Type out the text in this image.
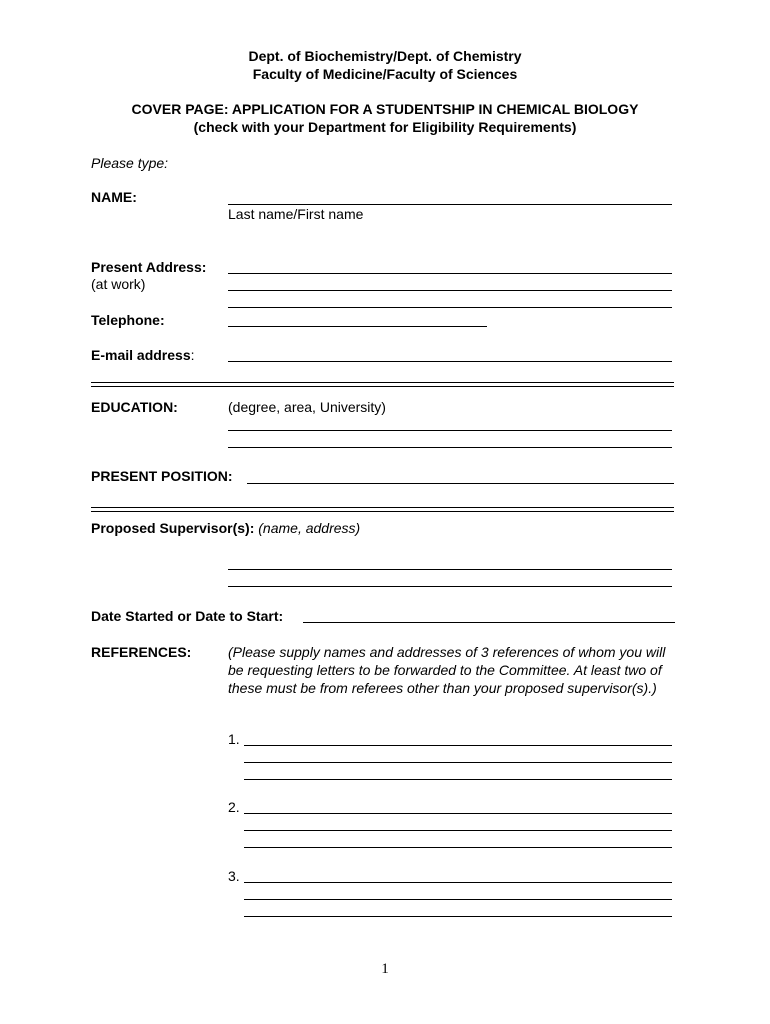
Dept. of Biochemistry/Dept. of Chemistry
Faculty of Medicine/Faculty of Sciences
COVER PAGE: APPLICATION FOR A STUDENTSHIP IN CHEMICAL BIOLOGY
(check with your Department for Eligibility Requirements)
Please type:
NAME:
Last name/First name
Present Address:
(at work)
Telephone:
E-mail address:
EDUCATION:	(degree, area, University)
PRESENT POSITION:
Proposed Supervisor(s): (name, address)
Date Started or Date to Start:
REFERENCES:	(Please supply names and addresses of 3 references of whom you will be requesting letters to be forwarded to the Committee. At least two of these must be from referees other than your proposed supervisor(s).)
1.
2.
3.
1
